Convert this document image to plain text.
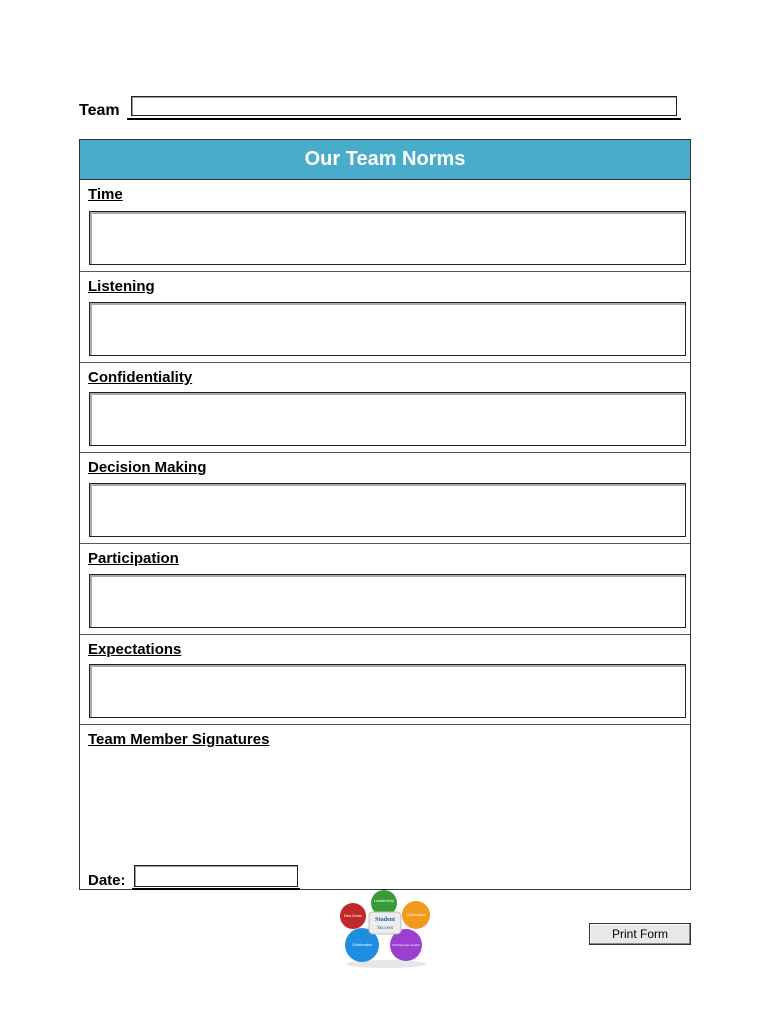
Team
Our Team Norms
Time
Listening
Confidentiality
Decision Making
Participation
Expectations
Team Member Signatures
Date:
Student
Success
Leadership
Curriculum
Professional Growth
Collaboration
Data Driven
Print Form
